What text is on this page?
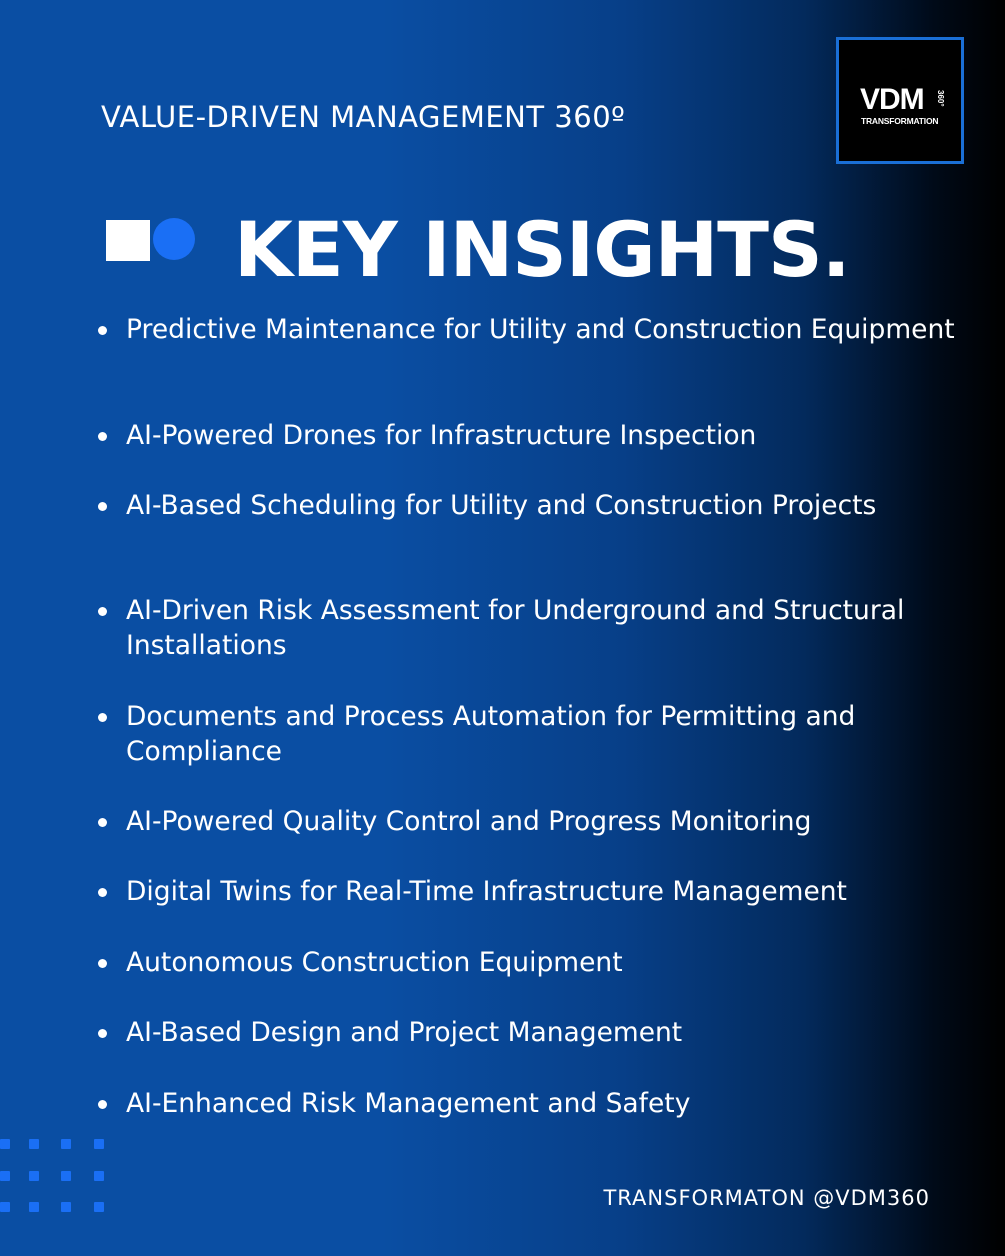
VALUE-DRIVEN MANAGEMENT 360º
VDM 360°
TRANSFORMATION
KEY INSIGHTS.
Predictive Maintenance for Utility and Construction Equipment
AI-Powered Drones for Infrastructure Inspection
AI-Based Scheduling for Utility and Construction Projects
AI-Driven Risk Assessment for Underground and Structural Installations
Documents and Process Automation for Permitting and Compliance
AI-Powered Quality Control and Progress Monitoring
Digital Twins for Real-Time Infrastructure Management
Autonomous Construction Equipment
AI-Based Design and Project Management
AI-Enhanced Risk Management and Safety
TRANSFORMATON @VDM360
